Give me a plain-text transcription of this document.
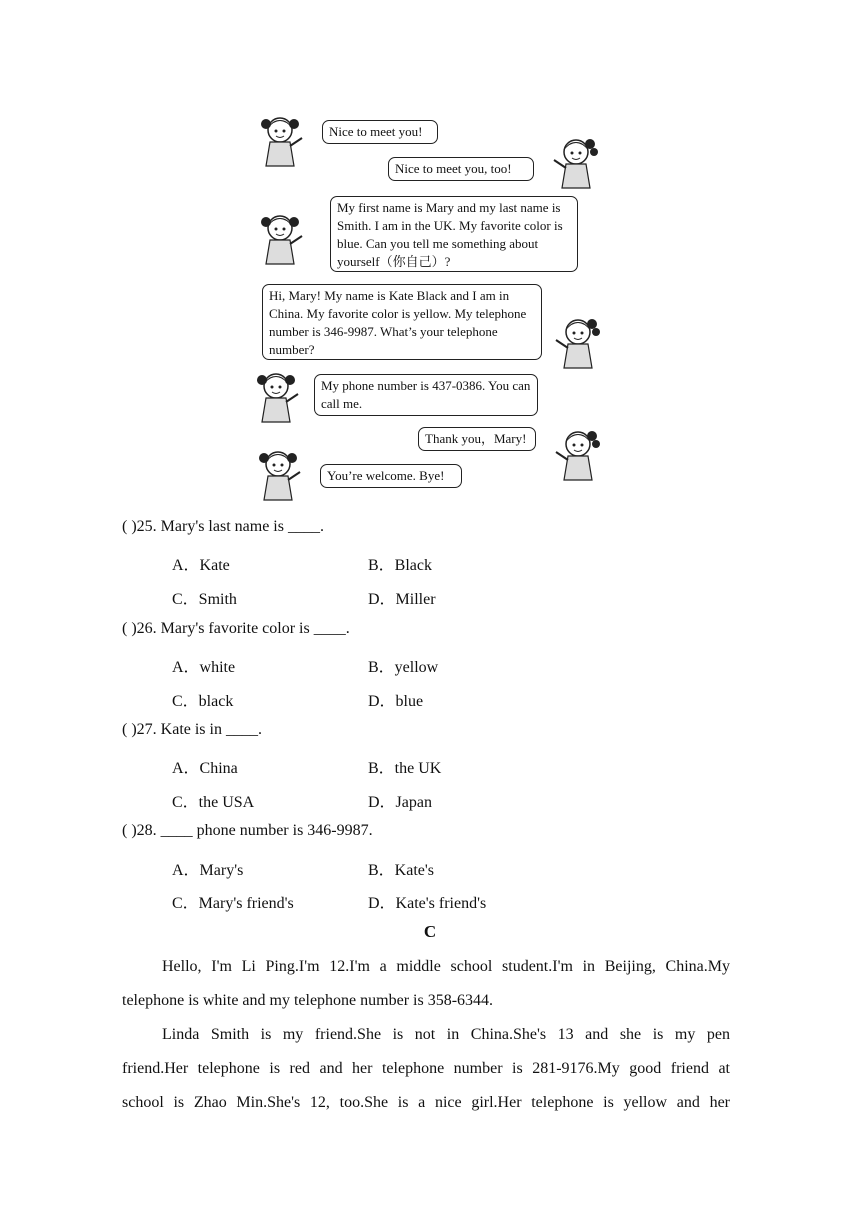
Nice to meet you!
Nice to meet you, too!
My first name is Mary and my last name is Smith. I am in the UK. My favorite color is blue. Can you tell me something about yourself（你自己）?
Hi, Mary! My name is Kate Black and I am in China. My favorite color is yellow. My telephone number is 346-9987. What’s your telephone number?
My phone number is 437-0386. You can call me.
Thank you，Mary!
You’re welcome. Bye!
( )25. Mary's last name is ____.
A．Kate	B．Black
C．Smith	D．Miller
( )26. Mary's favorite color is ____.
A．white	B．yellow
C．black	D．blue
( )27. Kate is in ____.
A．China	B．the UK
C．the USA	D．Japan
( )28. ____ phone number is 346-9987.
A．Mary's	B．Kate's
C．Mary's friend's	D．Kate's friend's
C
Hello, I'm Li Ping.I'm 12.I'm a middle school student.I'm in Beijing, China.My
telephone is white and my telephone number is 358-6344.
Linda Smith is my friend.She is not in China.She's 13 and she is my pen
friend.Her telephone is red and her telephone number is 281-9176.My good friend at
school is Zhao Min.She's 12, too.She is a nice girl.Her telephone is yellow and her
